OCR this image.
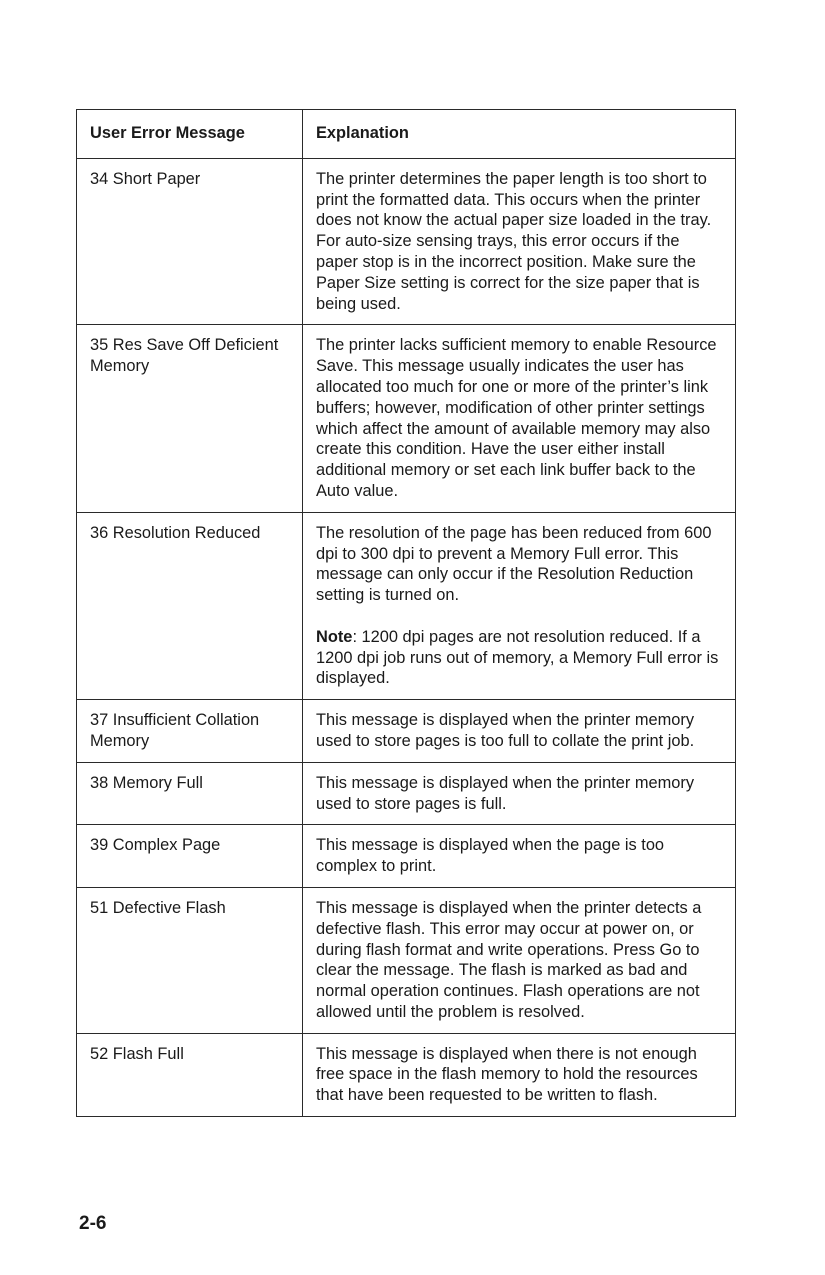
User Error Message	Explanation
34 Short Paper	The printer determines the paper length is too short to print the formatted data. This occurs when the printer does not know the actual paper size loaded in the tray. For auto-size sensing trays, this error occurs if the paper stop is in the incorrect position. Make sure the Paper Size setting is correct for the size paper that is being used.
35 Res Save Off Deficient Memory	The printer lacks sufficient memory to enable Resource Save. This message usually indicates the user has allocated too much for one or more of the printer’s link buffers; however, modification of other printer settings which affect the amount of available memory may also create this condition. Have the user either install additional memory or set each link buffer back to the Auto value.
36 Resolution Reduced	The resolution of the page has been reduced from 600 dpi to 300 dpi to prevent a Memory Full error. This message can only occur if the Resolution Reduction setting is turned on.
Note: 1200 dpi pages are not resolution reduced. If a 1200 dpi job runs out of memory, a Memory Full error is displayed.

37 Insufficient Collation Memory	This message is displayed when the printer memory used to store pages is too full to collate the print job.
38 Memory Full	This message is displayed when the printer memory used to store pages is full.
39 Complex Page	This message is displayed when the page is too complex to print.
51 Defective Flash	This message is displayed when the printer detects a defective flash. This error may occur at power on, or during flash format and write operations. Press Go to clear the message. The flash is marked as bad and normal operation continues. Flash operations are not allowed until the problem is resolved.
52 Flash Full	This message is displayed when there is not enough free space in the flash memory to hold the resources that have been requested to be written to flash.
2-6
